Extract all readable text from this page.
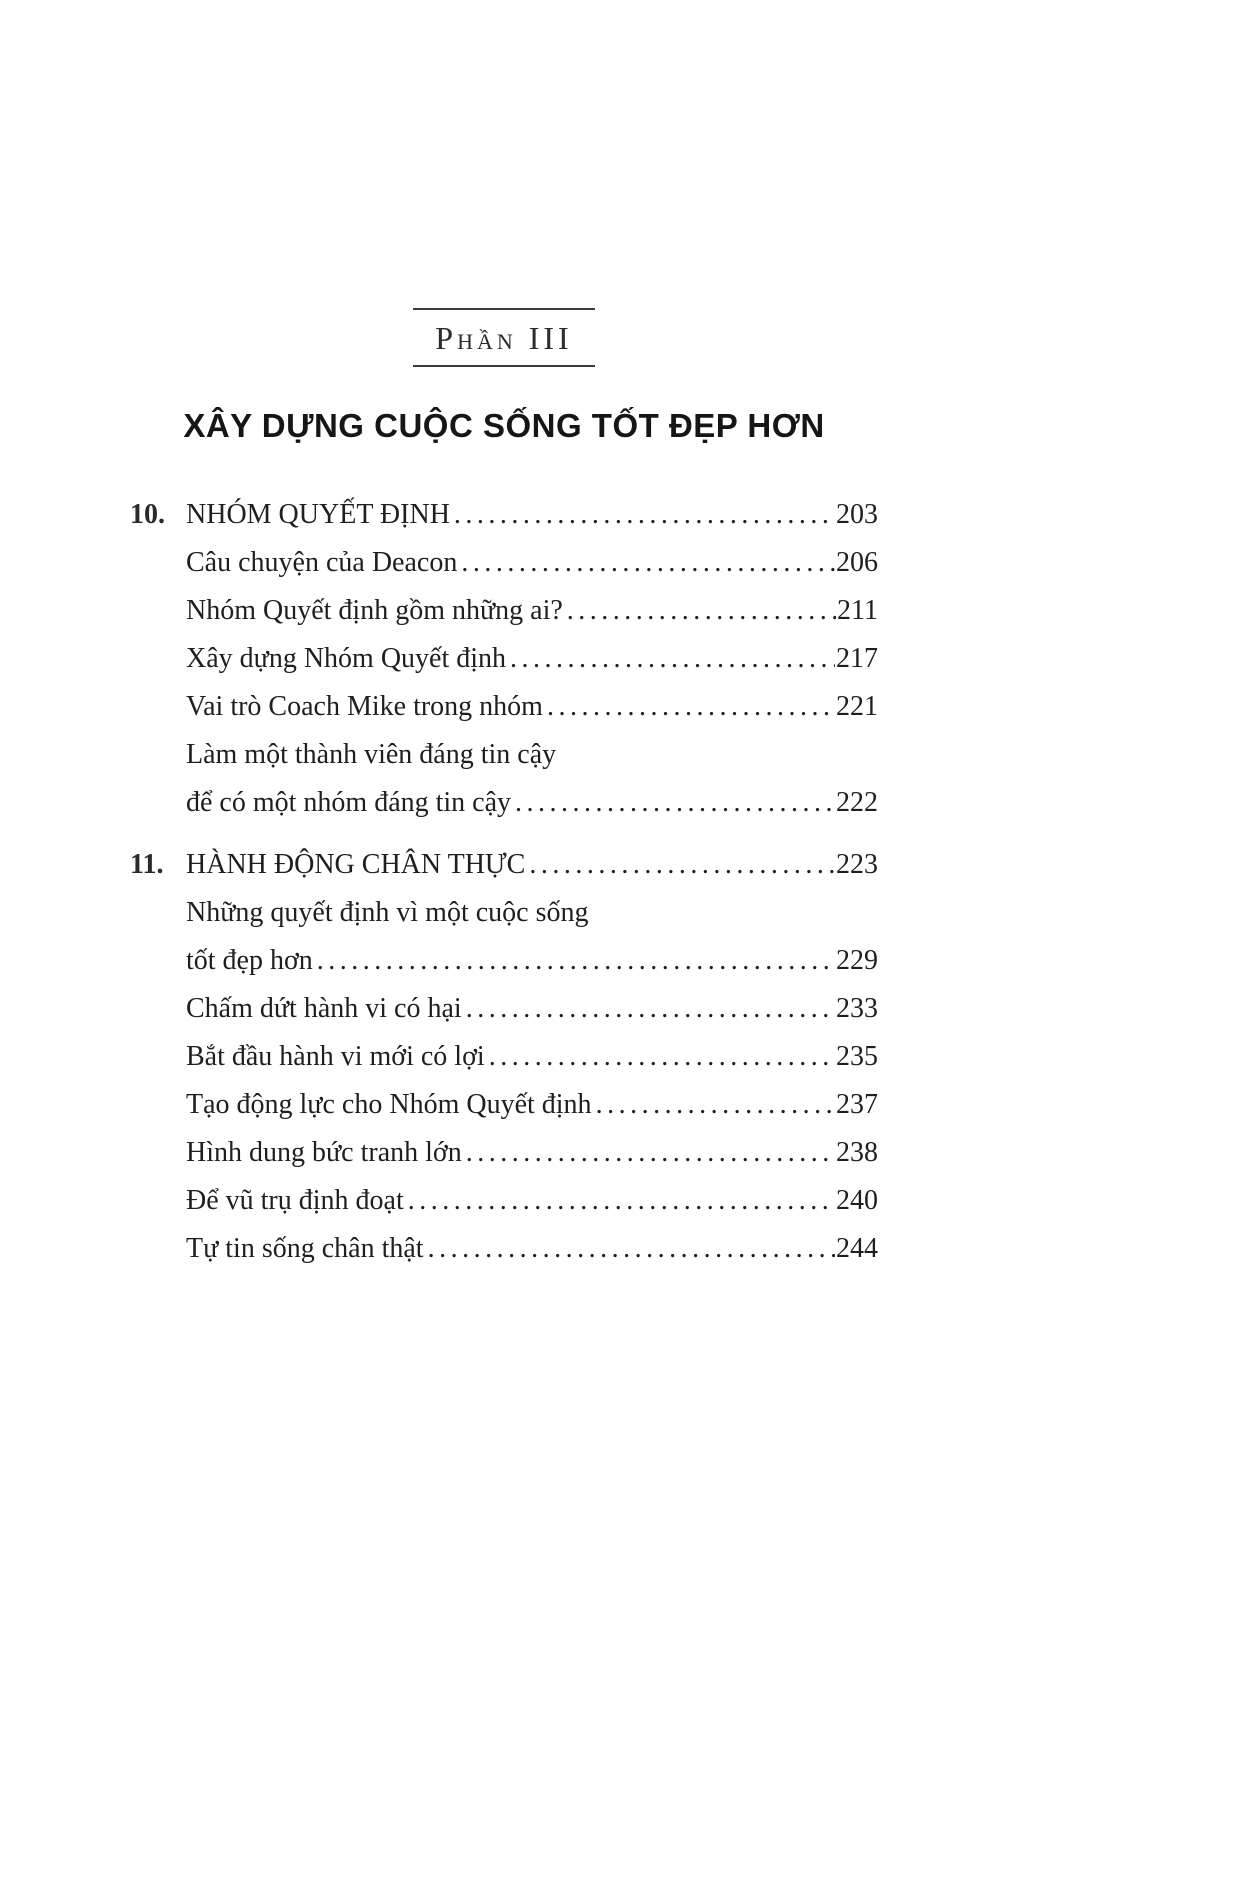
Phần III
XÂY DỰNG CUỘC SỐNG TỐT ĐẸP HƠN
10. NHÓM QUYẾT ĐỊNH .....	203
Câu chuyện của Deacon .....	206
Nhóm Quyết định gồm những ai? .....	211
Xây dựng Nhóm Quyết định .....	217
Vai trò Coach Mike trong nhóm .....	221
Làm một thành viên đáng tin cậy
để có một nhóm đáng tin cậy .....	222
11. HÀNH ĐỘNG CHÂN THỰC .....	223
Những quyết định vì một cuộc sống
tốt đẹp hơn .....	229
Chấm dứt hành vi có hại .....	233
Bắt đầu hành vi mới có lợi .....	235
Tạo động lực cho Nhóm Quyết định .....	237
Hình dung bức tranh lớn .....	238
Để vũ trụ định đoạt .....	240
Tự tin sống chân thật .....	244
